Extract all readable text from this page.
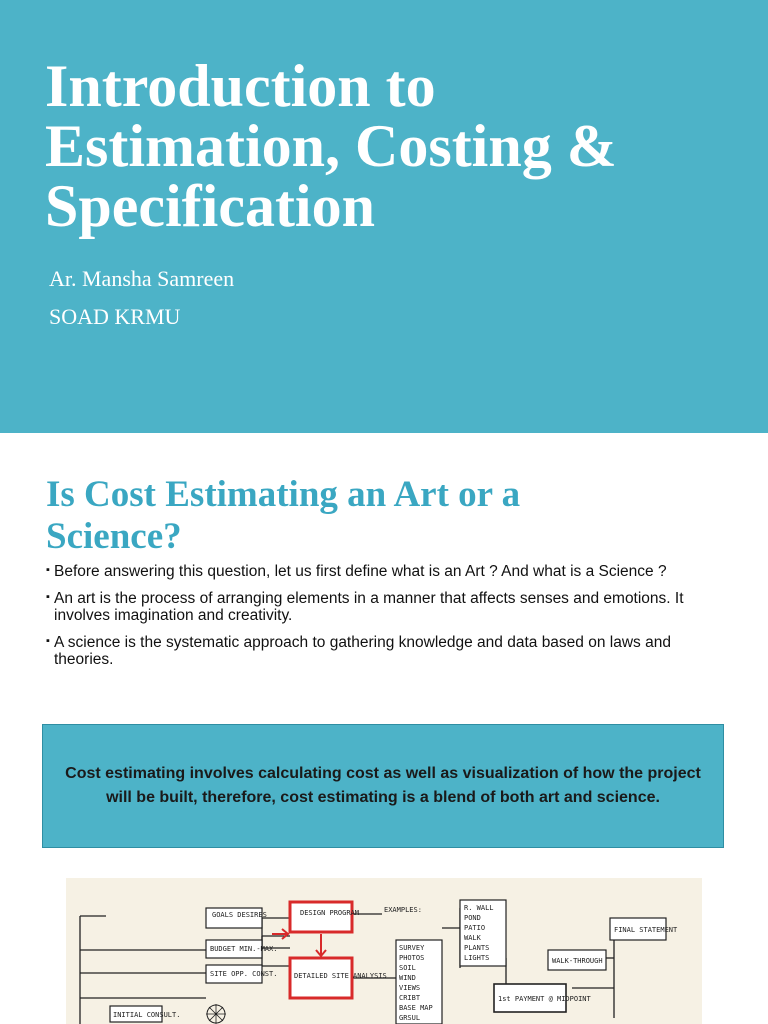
Introduction to
Estimation, Costing &
Specification
Ar. Mansha Samreen
SOAD KRMU
Is Cost Estimating an Art or a
Science?
▪ Before answering this question, let us first define what is an Art ? And what is a Science ?
▪ An art is the process of arranging elements in a manner that affects senses and emotions. It involves imagination and creativity.
▪ A science is the systematic approach to gathering knowledge and data based on laws and theories.
Cost estimating involves calculating cost as well as visualization of how the project will be built, therefore, cost estimating is a blend of both art and science.
GOALS DESIRES
BUDGET MIN.-MAX.
SITE OPP. CONST.
INITIAL CONSULT.
DESIGN PROGRAM
DETAILED SITE ANALYSIS
EXAMPLES:	R. WALL
POND
PATIO
WALK
PLANTS
LIGHTS
SURVEY
PHOTOS
SOIL
WIND
VIEWS
CRIBT
BASE MAP
GRSUL
WALK-THROUGH
FINAL STATEMENT
1st PAYMENT @ MIDPOINT
